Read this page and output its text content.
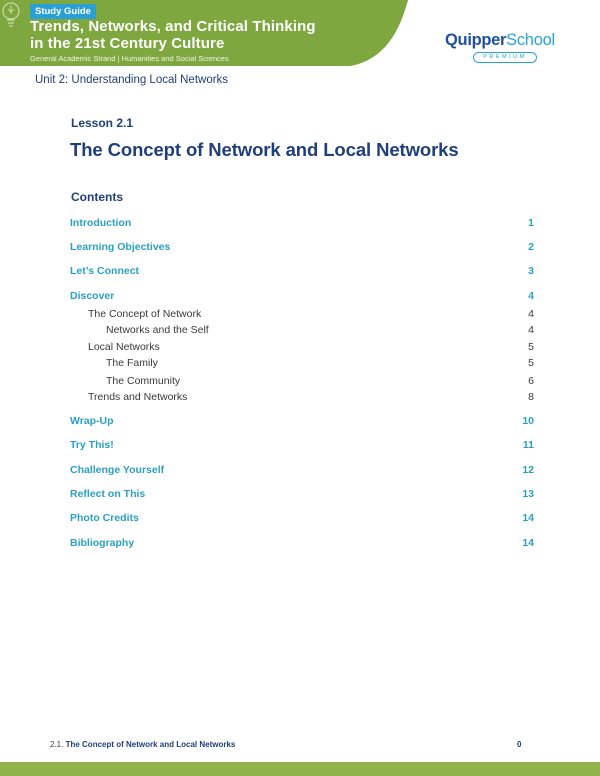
Study Guide
Trends, Networks, and Critical Thinking
in the 21st Century Culture
General Academic Strand | Humanities and Social Sciences
QuipperSchool
PREMIUM
Unit 2: Understanding Local Networks
Lesson 2.1
The Concept of Network and Local Networks
Contents
Introduction	1
Learning Objectives	2
Let’s Connect	3
Discover	4
The Concept of Network	4
Networks and the Self	4
Local Networks	5
The Family	5
The Community	6
Trends and Networks	8
Wrap-Up	10
Try This!	11
Challenge Yourself	12
Reflect on This	13
Photo Credits	14
Bibliography	14
2.1. The Concept of Network and Local Networks	0
